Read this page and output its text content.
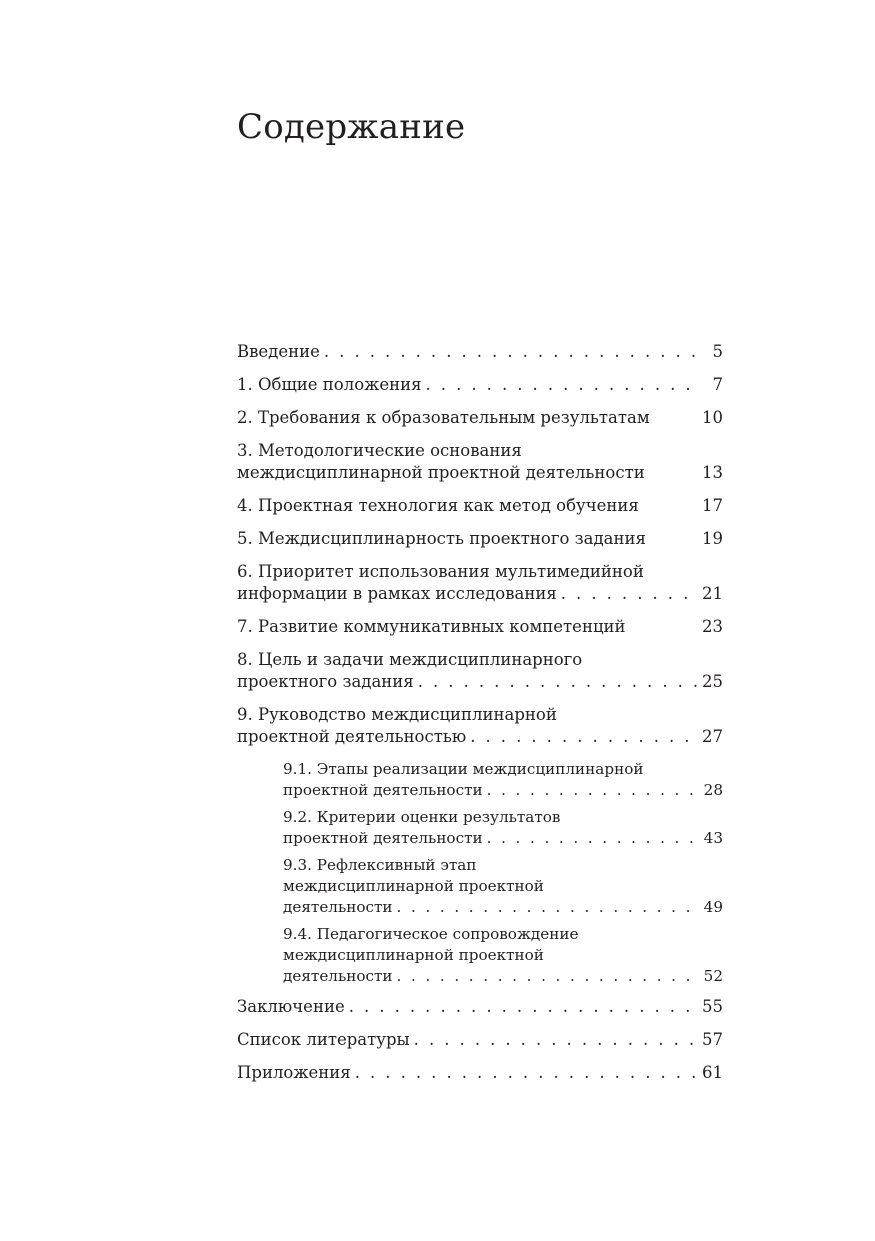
Содержание
Введение . . .	5
1. Общие положения . . .	7
2. Требования к образовательным результатам	10
3. Методологические основания
междисциплинарной проектной деятельности	13
4. Проектная технология как метод обучения	17
5. Междисциплинарность проектного задания	19
6. Приоритет использования мультимедийной
информации в рамках исследования . . .	21
7. Развитие коммуникативных компетенций	23
8. Цель и задачи междисциплинарного
проектного задания . . .	25
9. Руководство междисциплинарной
проектной деятельностью . . .	27
9.1. Этапы реализации междисциплинарной
проектной деятельности . . .	28
9.2. Критерии оценки результатов
проектной деятельности . . .	43
9.3. Рефлексивный этап
междисциплинарной проектной
деятельности . . .	49
9.4. Педагогическое сопровождение
междисциплинарной проектной
деятельности . . .	52
Заключение . . .	55
Список литературы . . .	57
Приложения . . .	61
